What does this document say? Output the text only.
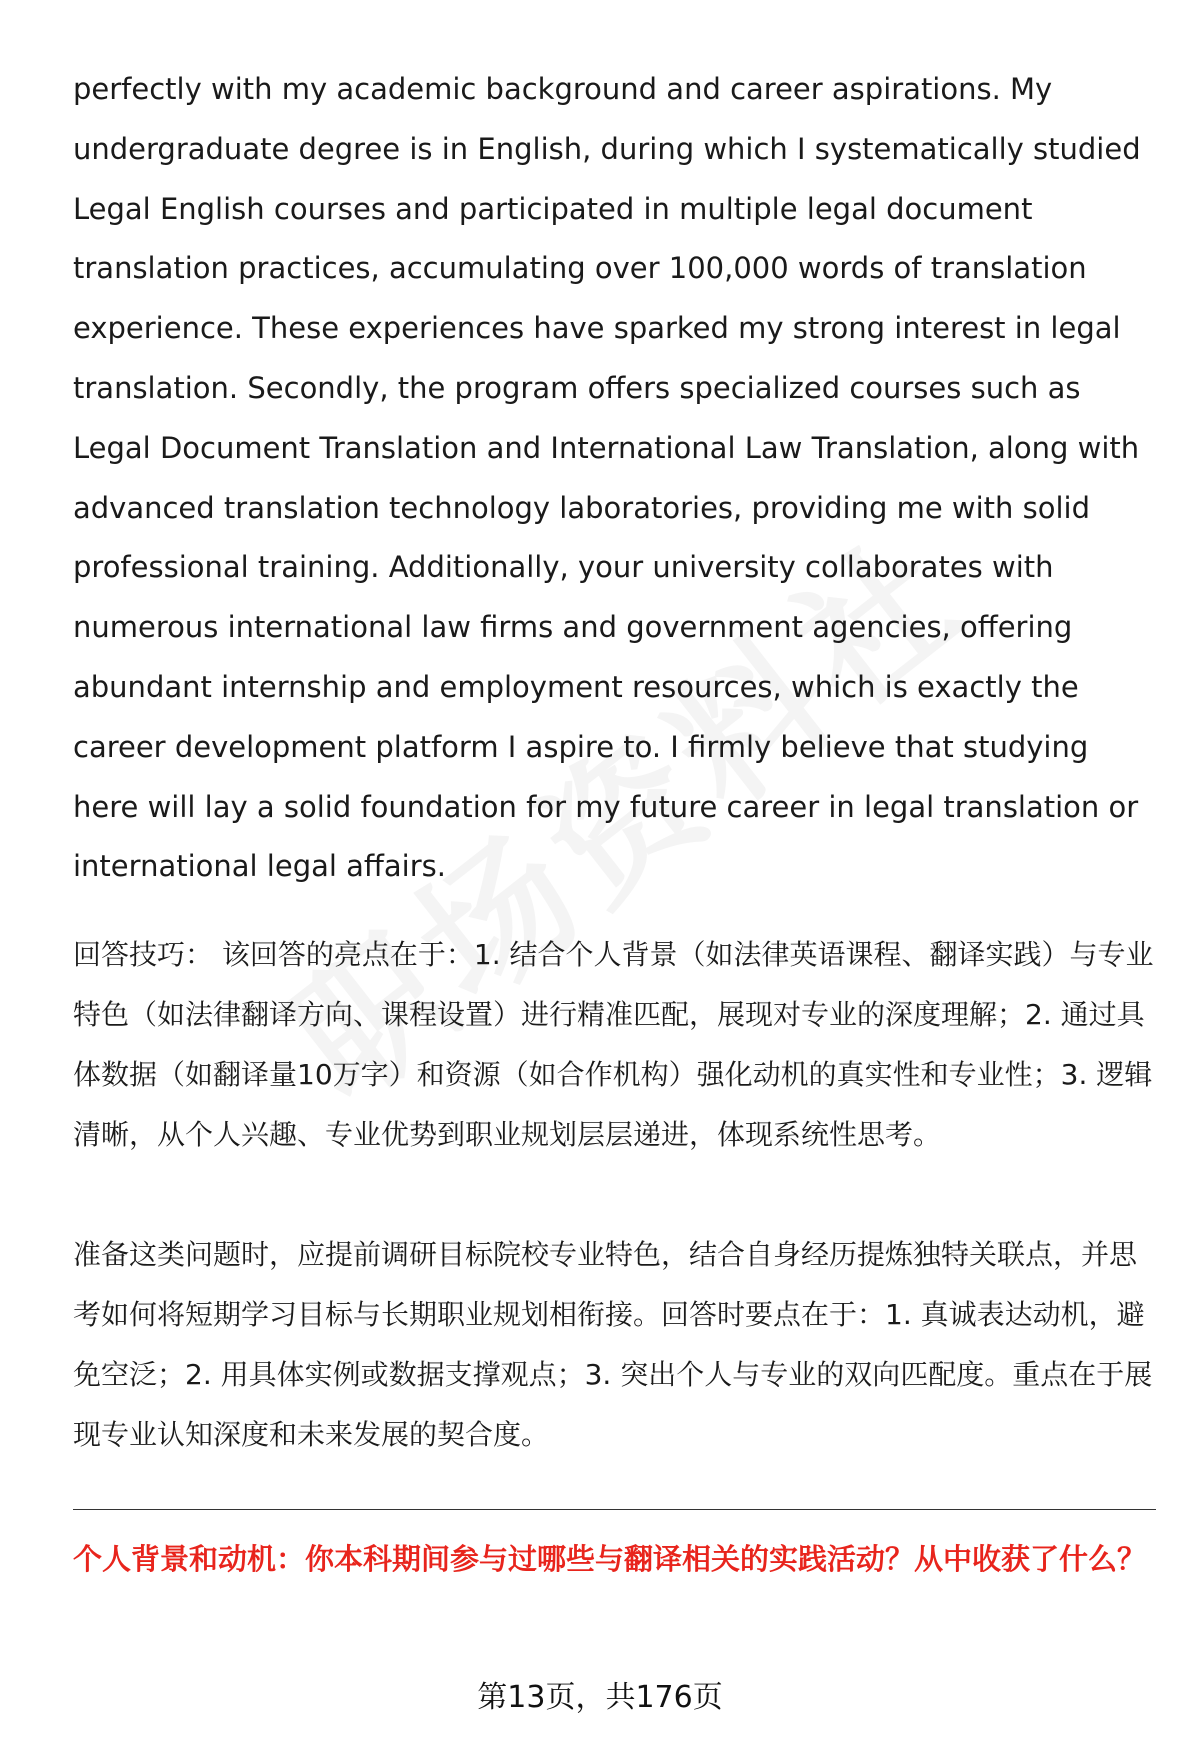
perfectly with my academic background and career aspirations. My undergraduate degree is in English, during which I systematically studied Legal English courses and participated in multiple legal document translation practices, accumulating over 100,000 words of translation experience. These experiences have sparked my strong interest in legal translation. Secondly, the program offers specialized courses such as Legal Document Translation and International Law Translation, along with advanced translation technology laboratories, providing me with solid professional training. Additionally, your university collaborates with numerous international law firms and government agencies, offering abundant internship and employment resources, which is exactly the career development platform I aspire to. I firmly believe that studying here will lay a solid foundation for my future career in legal translation or international legal affairs.

回答技巧： 该回答的亮点在于：1. 结合个人背景（如法律英语课程、翻译实践）与专业特色（如法律翻译方向、课程设置）进行精准匹配，展现对专业的深度理解；2. 通过具体数据（如翻译量10万字）和资源（如合作机构）强化动机的真实性和专业性；3. 逻辑清晰，从个人兴趣、专业优势到职业规划层层递进，体现系统性思考。

准备这类问题时，应提前调研目标院校专业特色，结合自身经历提炼独特关联点，并思考如何将短期学习目标与长期职业规划相衔接。回答时要点在于：1. 真诚表达动机，避免空泛；2. 用具体实例或数据支撑观点；3. 突出个人与专业的双向匹配度。重点在于展现专业认知深度和未来发展的契合度。

个人背景和动机：你本科期间参与过哪些与翻译相关的实践活动？从中收获了什么？

第13页，共176页
